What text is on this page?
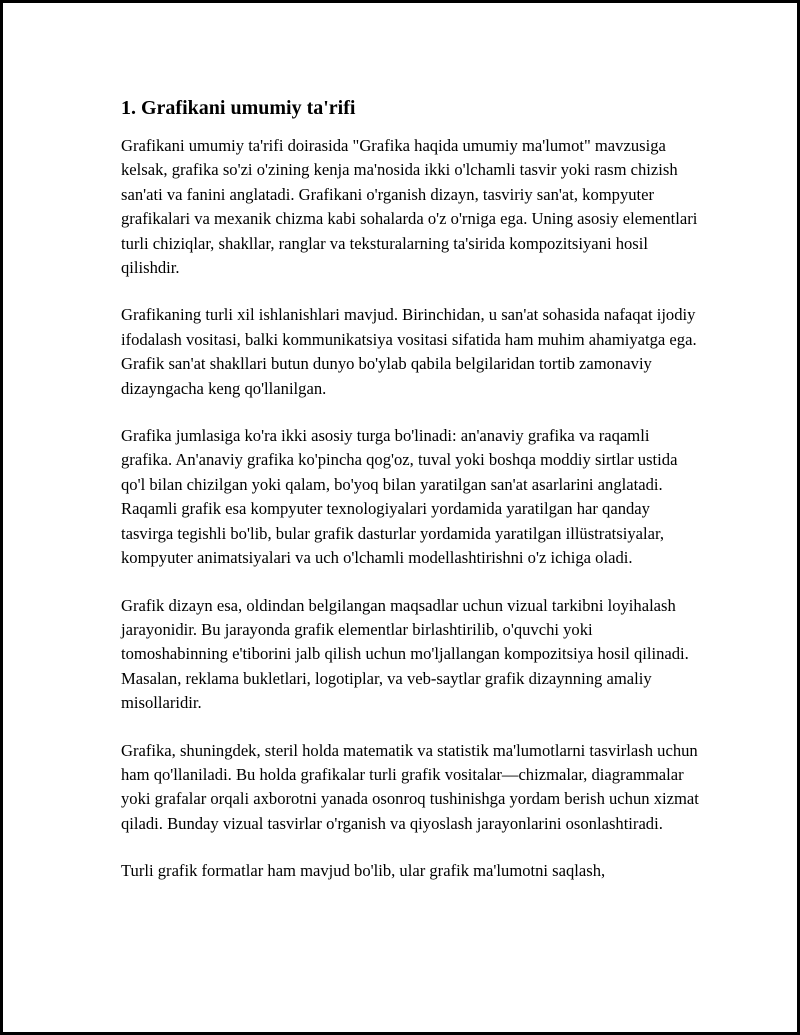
1. Grafikani umumiy ta'rifi

Grafikani umumiy ta'rifi doirasida "Grafika haqida umumiy ma'lumot" mavzusiga kelsak, grafika so'zi o'zining kenja ma'nosida ikki o'lchamli tasvir yoki rasm chizish san'ati va fanini anglatadi. Grafikani o'rganish dizayn, tasviriy san'at, kompyuter grafikalari va mexanik chizma kabi sohalarda o'z o'rniga ega. Uning asosiy elementlari turli chiziqlar, shakllar, ranglar va teksturalarning ta'sirida kompozitsiyani hosil qilishdir.

Grafikaning turli xil ishlanishlari mavjud. Birinchidan, u san'at sohasida nafaqat ijodiy ifodalash vositasi, balki kommunikatsiya vositasi sifatida ham muhim ahamiyatga ega. Grafik san'at shakllari butun dunyo bo'ylab qabila belgilaridan tortib zamonaviy dizayngacha keng qo'llanilgan.

Grafika jumlasiga ko'ra ikki asosiy turga bo'linadi: an'anaviy grafika va raqamli grafika. An'anaviy grafika ko'pincha qog'oz, tuval yoki boshqa moddiy sirtlar ustida qo'l bilan chizilgan yoki qalam, bo'yoq bilan yaratilgan san'at asarlarini anglatadi. Raqamli grafik esa kompyuter texnologiyalari yordamida yaratilgan har qanday tasvirga tegishli bo'lib, bular grafik dasturlar yordamida yaratilgan illüstratsiyalar, kompyuter animatsiyalari va uch o'lchamli modellashtirishni o'z ichiga oladi.

Grafik dizayn esa, oldindan belgilangan maqsadlar uchun vizual tarkibni loyihalash jarayonidir. Bu jarayonda grafik elementlar birlashtirilib, o'quvchi yoki tomoshabinning e'tiborini jalb qilish uchun mo'ljallangan kompozitsiya hosil qilinadi. Masalan, reklama bukletlari, logotiplar, va veb-saytlar grafik dizaynning amaliy misollaridir.

Grafika, shuningdek, steril holda matematik va statistik ma'lumotlarni tasvirlash uchun ham qo'llaniladi. Bu holda grafikalar turli grafik vositalar—chizmalar, diagrammalar yoki grafalar orqali axborotni yanada osonroq tushinishga yordam berish uchun xizmat qiladi. Bunday vizual tasvirlar o'rganish va qiyoslash jarayonlarini osonlashtiradi.

Turli grafik formatlar ham mavjud bo'lib, ular grafik ma'lumotni saqlash,
